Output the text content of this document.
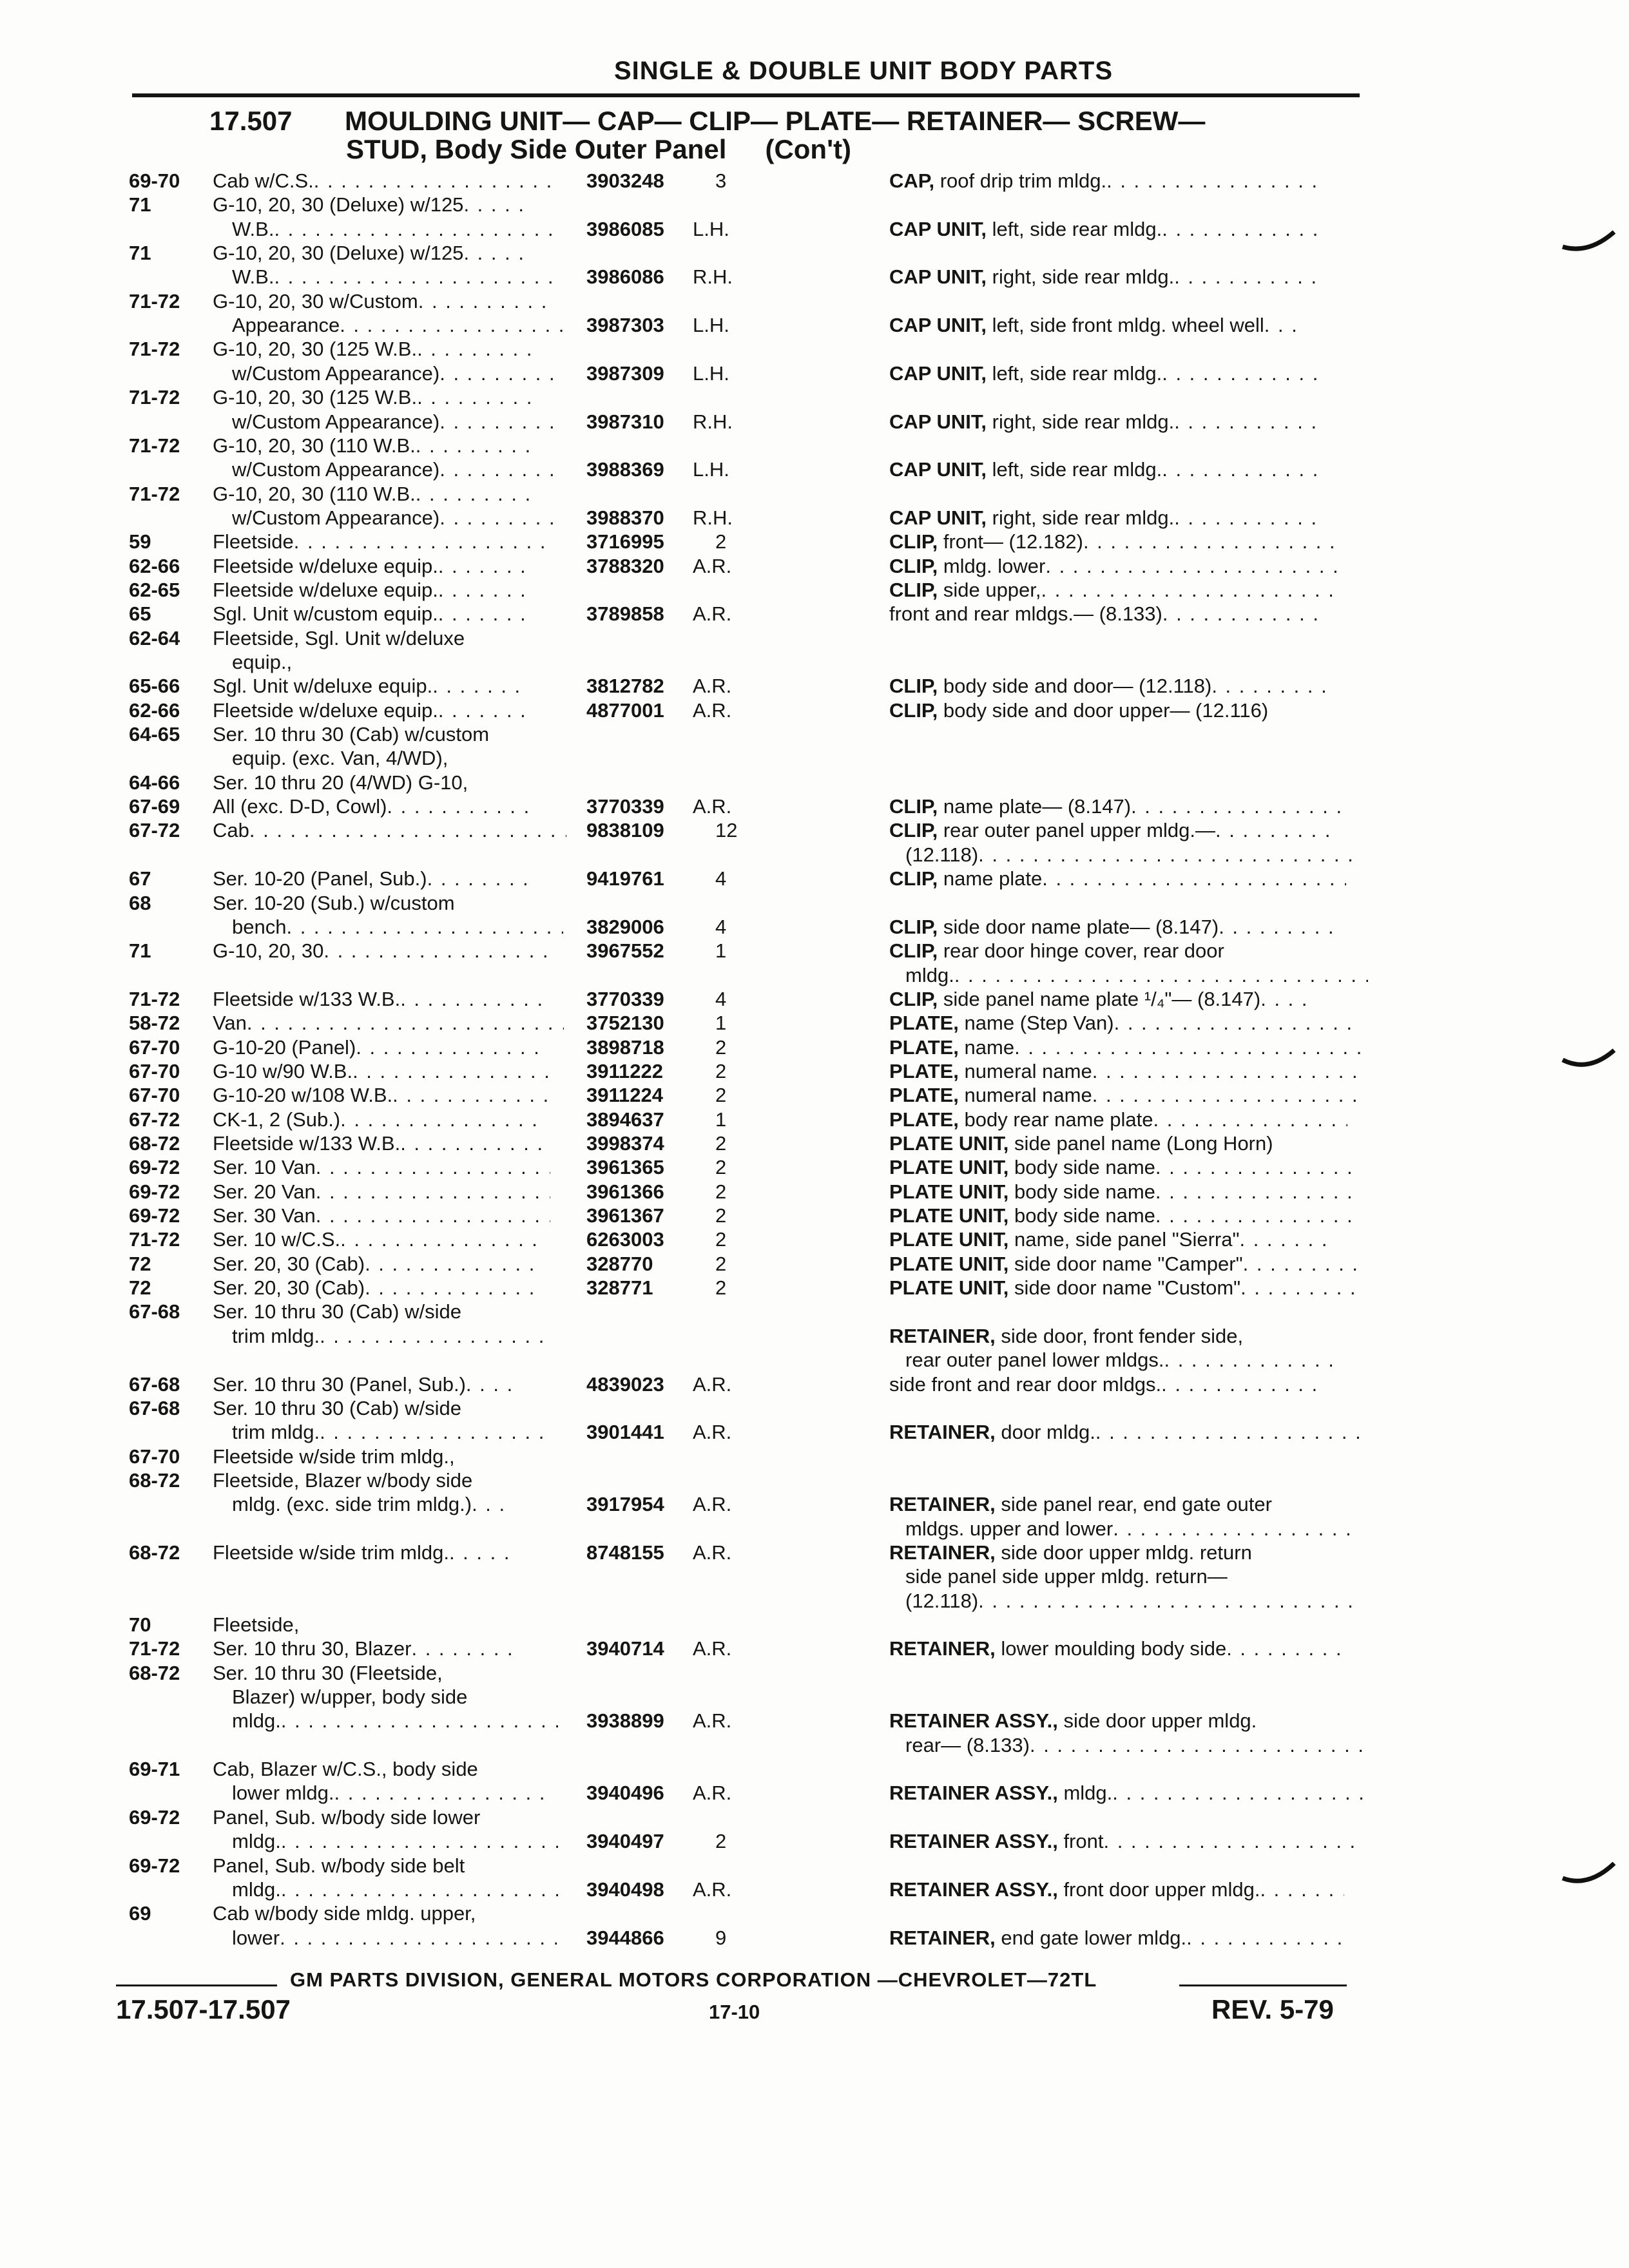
SINGLE & DOUBLE UNIT BODY PARTS
17.507 MOULDING UNIT— CAP— CLIP— PLATE— RETAINER— SCREW—
STUD, Body Side Outer Panel (Con't)
69-70 Cab w/C.S. . . .	3903248	3	CAP, roof drip trim mldg.. . .
71	G-10, 20, 30 (Deluxe) w/125. . .
W.B. . . .	3986085	L.H.	CAP UNIT, left, side rear mldg.. . .
71	G-10, 20, 30 (Deluxe) w/125. . .
W.B. . . .	3986086	R.H.	CAP UNIT, right, side rear mldg.. . .
71-72 G-10, 20, 30 w/Custom. . .
Appearance . . .	3987303	L.H.	CAP UNIT, left, side front mldg. wheel well. . .
71-72 G-10, 20, 30 (125 W.B.. . .
w/Custom Appearance) . . .	3987309	L.H.	CAP UNIT, left, side rear mldg.. . .
71-72 G-10, 20, 30 (125 W.B.. . .
w/Custom Appearance) . . .	3987310	R.H.	CAP UNIT, right, side rear mldg.. . .
71-72 G-10, 20, 30 (110 W.B.. . .
w/Custom Appearance) . . .	3988369	L.H.	CAP UNIT, left, side rear mldg.. . .
71-72 G-10, 20, 30 (110 W.B.. . .
w/Custom Appearance) . . .	3988370	R.H.	CAP UNIT, right, side rear mldg.. . .
59	Fleetside . . .	3716995	2	CLIP, front— (12.182). . .
62-66 Fleetside w/deluxe equip. . . .	3788320	A.R.	CLIP, mldg. lower. . .
62-65 Fleetside w/deluxe equip. . . .	CLIP, side upper,. . .
65	Sgl. Unit w/custom equip. . . .	3789858	A.R.	front and rear mldgs.— (8.133). . .
62-64 Fleetside, Sgl. Unit w/deluxe
equip.,
65-66 Sgl. Unit w/deluxe equip. . . .	3812782	A.R.	CLIP, body side and door— (12.118). . .
62-66 Fleetside w/deluxe equip. . . .	4877001	A.R.	CLIP, body side and door upper— (12.116)
64-65 Ser. 10 thru 30 (Cab) w/custom
equip. (exc. Van, 4/WD),
64-66 Ser. 10 thru 20 (4/WD) G-10,
67-69 All (exc. D-D, Cowl) . . .	3770339	A.R.	CLIP, name plate— (8.147). . .
67-72 Cab . . .	9838109	12	CLIP, rear outer panel upper mldg.—. . .
(12.118). . .
67	Ser. 10-20 (Panel, Sub.) . . .	9419761	4	CLIP, name plate. . .
68	Ser. 10-20 (Sub.) w/custom
bench . . .	3829006	4	CLIP, side door name plate— (8.147). . .
71	G-10, 20, 30 . . .	3967552	1	CLIP, rear door hinge cover, rear door
mldg.. . .
71-72 Fleetside w/133 W.B. . . .	3770339	4	CLIP, side panel name plate ¹/₄"— (8.147). . .
58-72 Van . . .	3752130	1	PLATE, name (Step Van). . .
67-70 G-10-20 (Panel) . . .	3898718	2	PLATE, name. . .
67-70 G-10 w/90 W.B. . . .	3911222	2	PLATE, numeral name. . .
67-70 G-10-20 w/108 W.B. . . .	3911224	2	PLATE, numeral name. . .
67-72 CK-1, 2 (Sub.) . . .	3894637	1	PLATE, body rear name plate. . .
68-72 Fleetside w/133 W.B. . . .	3998374	2	PLATE UNIT, side panel name (Long Horn)
69-72 Ser. 10 Van . . .	3961365	2	PLATE UNIT, body side name. . .
69-72 Ser. 20 Van . . .	3961366	2	PLATE UNIT, body side name. . .
69-72 Ser. 30 Van . . .	3961367	2	PLATE UNIT, body side name. . .
71-72 Ser. 10 w/C.S. . . .	6263003	2	PLATE UNIT, name, side panel "Sierra". . .
72	Ser. 20, 30 (Cab) . . .	328770	2	PLATE UNIT, side door name "Camper". . .
72	Ser. 20, 30 (Cab) . . .	328771	2	PLATE UNIT, side door name "Custom". . .
67-68 Ser. 10 thru 30 (Cab) w/side
trim mldg. . . .	RETAINER, side door, front fender side,
rear outer panel lower mldgs.. . .
67-68 Ser. 10 thru 30 (Panel, Sub.) . . .	4839023	A.R.	side front and rear door mldgs.. . .
67-68 Ser. 10 thru 30 (Cab) w/side
trim mldg. . . .	3901441	A.R.	RETAINER, door mldg.. . .
67-70 Fleetside w/side trim mldg.,
68-72 Fleetside, Blazer w/body side
mldg. (exc. side trim mldg.) . . .	3917954	A.R.	RETAINER, side panel rear, end gate outer
mldgs. upper and lower. . .
68-72 Fleetside w/side trim mldg. . . .	8748155	A.R.	RETAINER, side door upper mldg. return
side panel side upper mldg. return—
(12.118). . .
70	Fleetside,
71-72 Ser. 10 thru 30, Blazer . . .	3940714	A.R.	RETAINER, lower moulding body side. . .
68-72 Ser. 10 thru 30 (Fleetside,
Blazer) w/upper, body side
mldg. . . .	3938899	A.R.	RETAINER ASSY., side door upper mldg.
rear— (8.133). . .
69-71 Cab, Blazer w/C.S., body side
lower mldg. . . .	3940496	A.R.	RETAINER ASSY., mldg.. . .
69-72 Panel, Sub. w/body side lower
mldg. . . .	3940497	2	RETAINER ASSY., front. . .
69-72 Panel, Sub. w/body side belt
mldg. . . .	3940498	A.R.	RETAINER ASSY., front door upper mldg.. . .
69	Cab w/body side mldg. upper,
lower . . .	3944866	9	RETAINER, end gate lower mldg.. . .
GM PARTS DIVISION, GENERAL MOTORS CORPORATION —CHEVROLET—72TL
17.507-17.507	17-10	REV. 5-79
